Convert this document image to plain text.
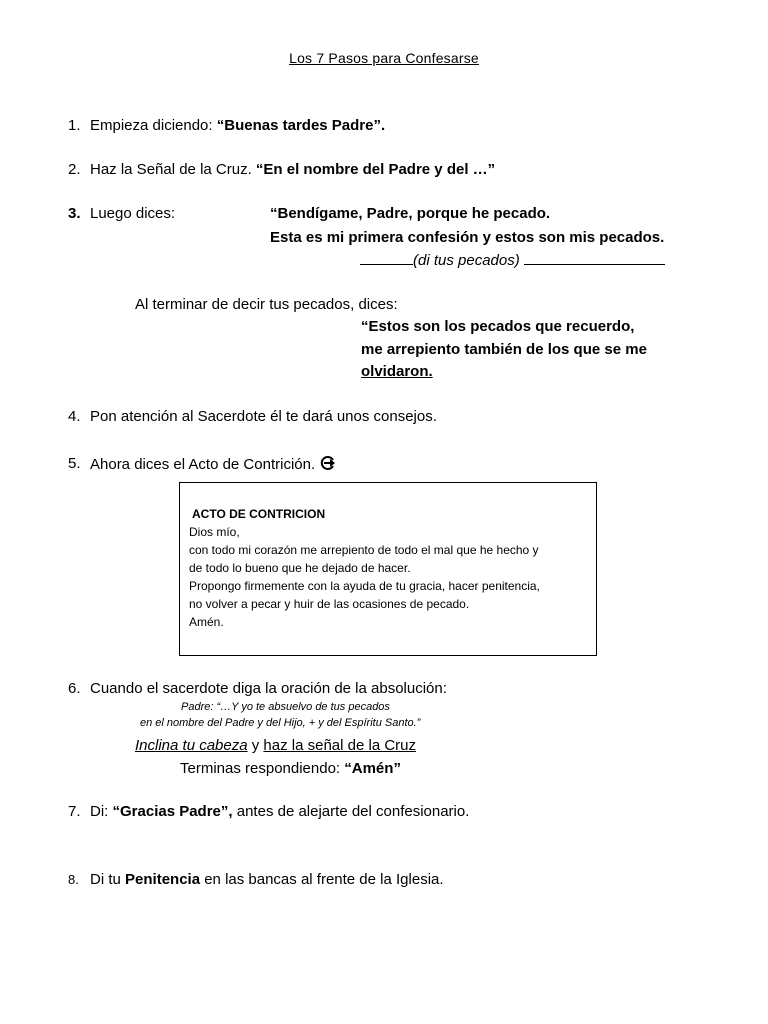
Los 7 Pasos para Confesarse
1. Empieza diciendo: “Buenas tardes Padre”.
2. Haz la Señal de la Cruz. “En el nombre del Padre y del …”
3. Luego dices:	“Bendígame, Padre, porque he pecado.
Esta es mi primera confesión y estos son mis pecados.
(di tus pecados)
Al terminar de decir tus pecados, dices:
“Estos son los pecados que recuerdo,
me arrepiento también de los que se me
olvidaron.
4. Pon atención al Sacerdote él te dará unos consejos.
5. Ahora dices el Acto de Contrición.
ACTO DE CONTRICION
Dios mío,
con todo mi corazón me arrepiento de todo el mal que he hecho y
de todo lo bueno que he dejado de hacer.
Propongo firmemente con la ayuda de tu gracia, hacer penitencia,
no volver a pecar y huir de las ocasiones de pecado.
Amén.
6. Cuando el sacerdote diga la oración de la absolución:
Padre: “…Y yo te absuelvo de tus pecados
en el nombre del Padre y del Hijo, + y del Espíritu Santo.”
Inclina tu cabeza y haz la señal de la Cruz
Terminas respondiendo: “Amén”
7. Di: “Gracias Padre”, antes de alejarte del confesionario.
8. Di tu Penitencia en las bancas al frente de la Iglesia.
